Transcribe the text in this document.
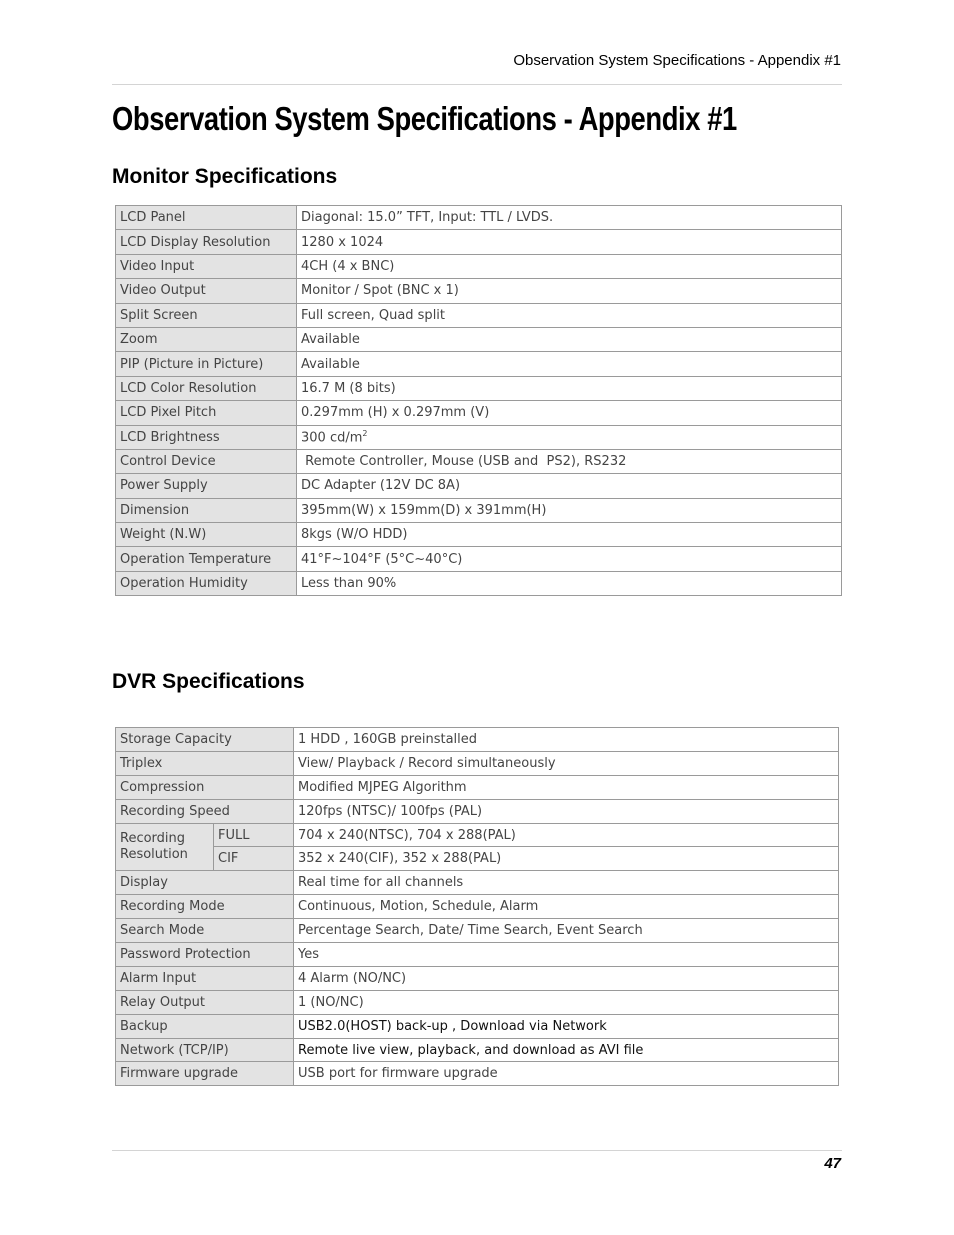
Observation System Specifications - Appendix #1
Observation System Specifications - Appendix #1
Monitor Specifications
LCD Panel	Diagonal: 15.0” TFT, Input: TTL / LVDS.
LCD Display Resolution	1280 x 1024
Video Input	4CH (4 x BNC)
Video Output	Monitor / Spot (BNC x 1)
Split Screen	Full screen, Quad split
Zoom	Available
PIP (Picture in Picture)	Available
LCD Color Resolution	16.7 M (8 bits)
LCD Pixel Pitch	0.297mm (H) x 0.297mm (V)
LCD Brightness	300 $cd/m^2$
Control Device	Remote Controller, Mouse (USB and  PS2), RS232
Power Supply	DC Adapter (12V DC 8A)
Dimension	395mm(W) x 159mm(D) x 391mm(H)
Weight (N.W)	8kgs (W/O HDD)
Operation Temperature	41°F~104°F (5°C~40°C)
Operation Humidity	Less than 90%
DVR Specifications
Storage Capacity		1 HDD , 160GB preinstalled
Triplex		View/ Playback / Record simultaneously
Compression		Modified MJPEG Algorithm
Recording Speed		120fps (NTSC)/ 100fps (PAL)
Recording Resolution	FULL	704 x 240(NTSC), 704 x 288(PAL)
	CIF	352 x 240(CIF), 352 x 288(PAL)
Display		Real time for all channels
Recording Mode		Continuous, Motion, Schedule, Alarm
Search Mode		Percentage Search, Date/ Time Search, Event Search
Password Protection		Yes
Alarm Input		4 Alarm (NO/NC)
Relay Output		1 (NO/NC)
Backup		USB2.0(HOST) back-up , Download via Network
Network (TCP/IP)		Remote live view, playback, and download as AVI file
Firmware upgrade		USB port for firmware upgrade
47
